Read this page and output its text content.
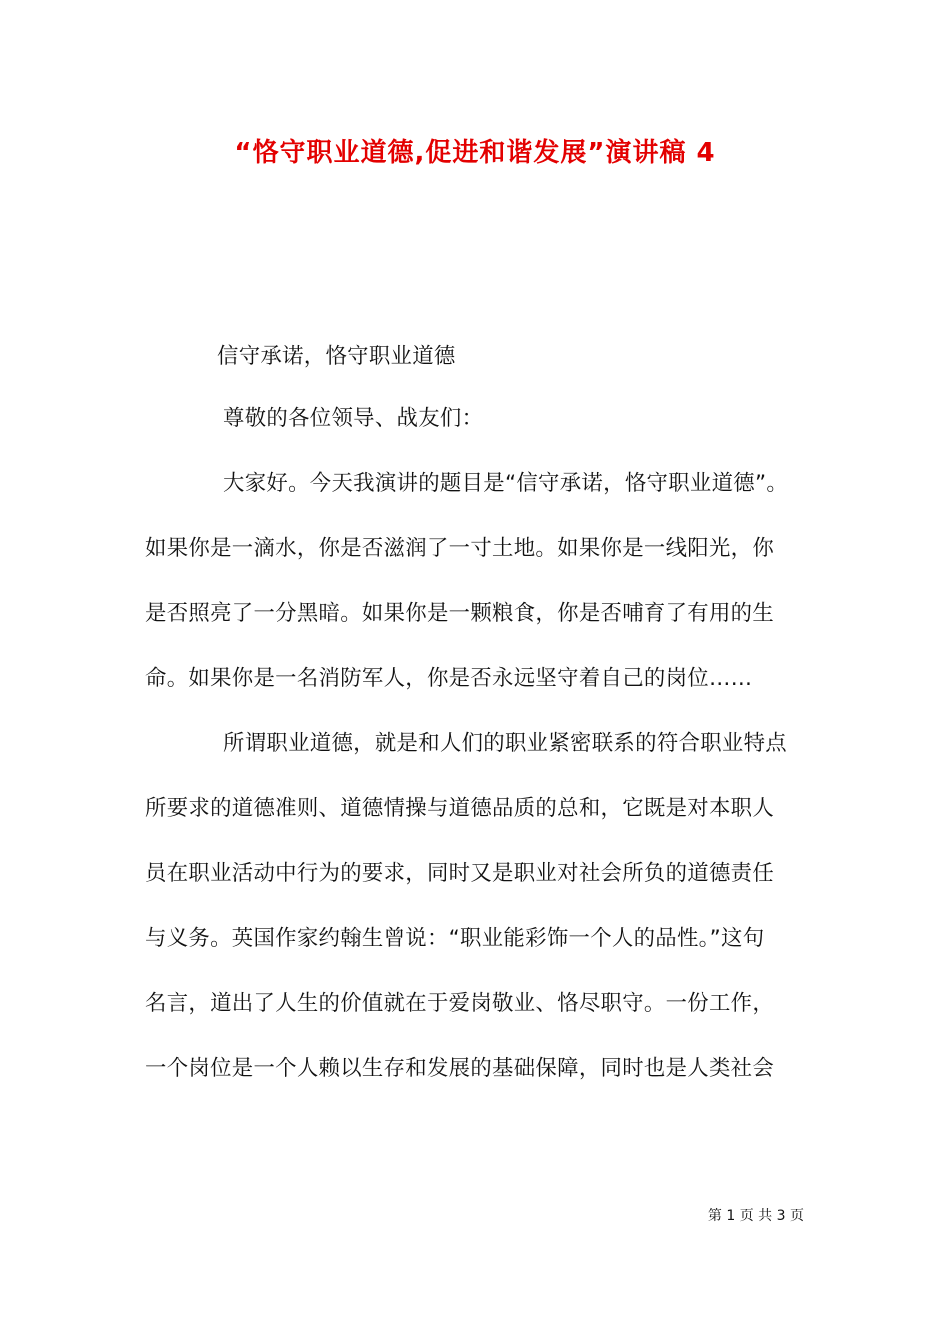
“恪守职业道德,促进和谐发展”演讲稿 4
信守承诺，恪守职业道德
尊敬的各位领导、战友们：
大家好。今天我演讲的题目是“信守承诺，恪守职业道德”。
如果你是一滴水，你是否滋润了一寸土地。如果你是一线阳光，你
是否照亮了一分黑暗。如果你是一颗粮食，你是否哺育了有用的生
命。如果你是一名消防军人，你是否永远坚守着自己的岗位……
所谓职业道德，就是和人们的职业紧密联系的符合职业特点
所要求的道德准则、道德情操与道德品质的总和，它既是对本职人
员在职业活动中行为的要求，同时又是职业对社会所负的道德责任
与义务。英国作家约翰生曾说：“职业能彩饰一个人的品性。”这句
名言，道出了人生的价值就在于爱岗敬业、恪尽职守。一份工作，
一个岗位是一个人赖以生存和发展的基础保障，同时也是人类社会
第 1 页 共 3 页
